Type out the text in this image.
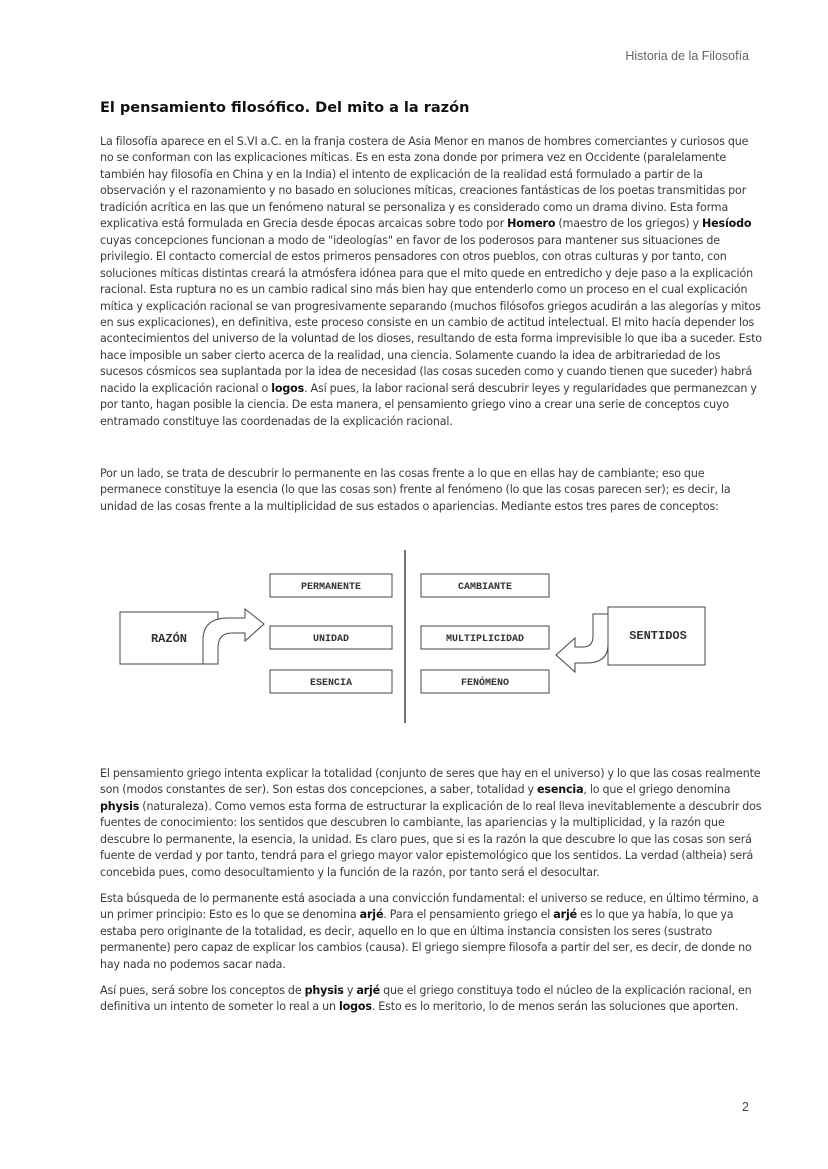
Historia de la Filosofía
El pensamiento filosófico. Del mito a la razón

La filosofía aparece en el S.VI a.C. en la franja costera de Asia Menor en manos de hombres comerciantes y curiosos que no se conforman con las explicaciones míticas. Es en esta zona donde por primera vez en Occidente (paralelamente también hay filosofía en China y en la India) el intento de explicación de la realidad está formulado a partir de la observación y el razonamiento y no basado en soluciones míticas, creaciones fantásticas de los poetas transmitidas por tradición acrítica en las que un fenómeno natural se personaliza y es considerado como un drama divino. Esta forma explicativa está formulada en Grecia desde épocas arcaicas sobre todo por Homero (maestro de los griegos) y Hesíodo cuyas concepciones funcionan a modo de "ideologías" en favor de los poderosos para mantener sus situaciones de privilegio. El contacto comercial de estos primeros pensadores con otros pueblos, con otras culturas y por tanto, con soluciones míticas distintas creará la atmósfera idónea para que el mito quede en entredicho y deje paso a la explicación racional. Esta ruptura no es un cambio radical sino más bien hay que entenderlo como un proceso en el cual explicación mítica y explicación racional se van progresivamente separando (muchos filósofos griegos acudirán a las alegorías y mitos en sus explicaciones), en definitiva, este proceso consiste en un cambio de actitud intelectual. El mito hacía depender los acontecimientos del universo de la voluntad de los dioses, resultando de esta forma imprevisible lo que iba a suceder. Esto hace imposible un saber cierto acerca de la realidad, una ciencia. Solamente cuando la idea de arbitrariedad de los sucesos cósmicos sea suplantada por la idea de necesidad (las cosas suceden como y cuando tienen que suceder) habrá nacido la explicación racional o logos. Así pues, la labor racional será descubrir leyes y regularidades que permanezcan y por tanto, hagan posible la ciencia. De esta manera, el pensamiento griego vino a crear una serie de conceptos cuyo entramado constituye las coordenadas de la explicación racional.

Por un lado, se trata de descubrir lo permanente en las cosas frente a lo que en ellas hay de cambiante; eso que permanece constituye la esencia (lo que las cosas son) frente al fenómeno (lo que las cosas parecen ser); es decir, la unidad de las cosas frente a la multiplicidad de sus estados o apariencias. Mediante estos tres pares de conceptos:

RAZÓN	SENTIDOS
PERMANENTE
UNIDAD
ESENCIA
CAMBIANTE
MULTIPLICIDAD
FENÓMENO

El pensamiento griego intenta explicar la totalidad (conjunto de seres que hay en el universo) y lo que las cosas realmente son (modos constantes de ser). Son estas dos concepciones, a saber, totalidad y esencia, lo que el griego denomina physis (naturaleza). Como vemos esta forma de estructurar la explicación de lo real lleva inevitablemente a descubrir dos fuentes de conocimiento: los sentidos que descubren lo cambiante, las apariencias y la multiplicidad, y la razón que descubre lo permanente, la esencia, la unidad. Es claro pues, que si es la razón la que descubre lo que las cosas son será fuente de verdad y por tanto, tendrá para el griego mayor valor epistemológico que los sentidos. La verdad (altheia) será concebida pues, como desocultamiento y la función de la razón, por tanto será el desocultar.

Esta búsqueda de lo permanente está asociada a una convicción fundamental: el universo se reduce, en último término, a un primer principio: Esto es lo que se denomina arjé. Para el pensamiento griego el arjé es lo que ya había, lo que ya estaba pero originante de la totalidad, es decir, aquello en lo que en última instancia consisten los seres (sustrato permanente) pero capaz de explicar los cambios (causa). El griego siempre filosofa a partir del ser, es decir, de donde no hay nada no podemos sacar nada.

Así pues, será sobre los conceptos de physis y arjé que el griego constituya todo el núcleo de la explicación racional, en definitiva un intento de someter lo real a un logos. Esto es lo meritorio, lo de menos serán las soluciones que aporten.

2
